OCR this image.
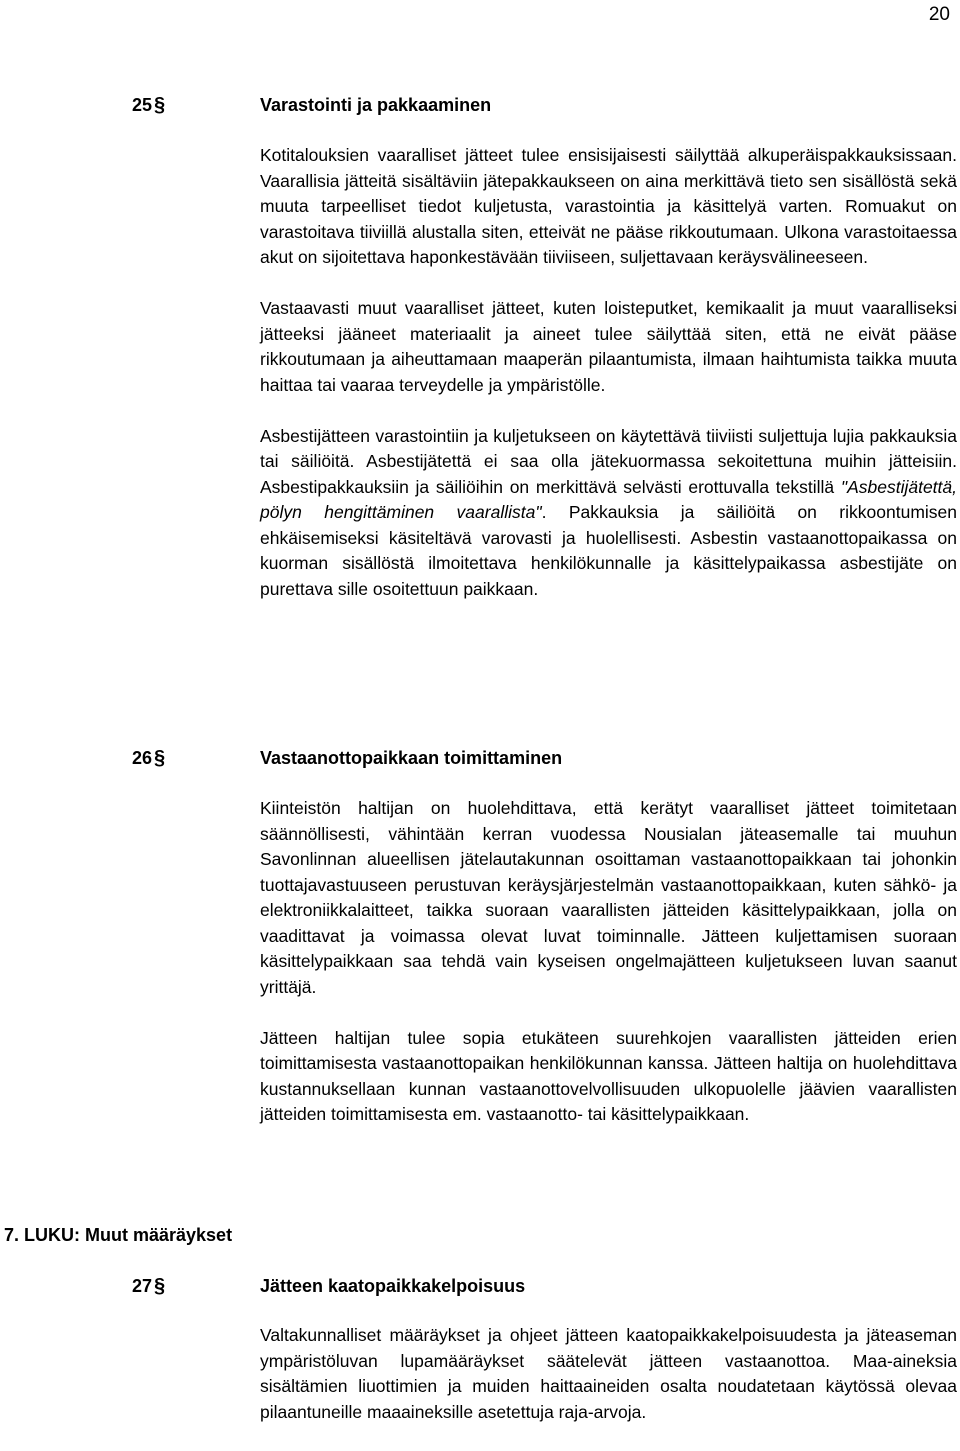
20
25§	Varastointi ja pakkaaminen

Kotitalouksien vaaralliset jätteet tulee ensisijaisesti säilyttää alkuperäispakkauksissaan. Vaarallisia jätteitä sisältäviin jätepakkaukseen on aina merkittävä tieto sen sisällöstä sekä muuta tarpeelliset tiedot kuljetusta, varastointia ja käsittelyä varten. Romuakut on varastoitava tiiviillä alustalla siten, etteivät ne pääse rikkoutumaan. Ulkona varastoitaessa akut on sijoitettava haponkestävään tiiviiseen, suljettavaan keräysvälineeseen.

Vastaavasti muut vaaralliset jätteet, kuten loisteputket, kemikaalit ja muut vaaralliseksi jätteeksi jääneet materiaalit ja aineet tulee säilyttää siten, että ne eivät pääse rikkoutumaan ja aiheuttamaan maaperän pilaantumista, ilmaan haihtumista taikka muuta haittaa tai vaaraa terveydelle ja ympäristölle.

Asbestijätteen varastointiin ja kuljetukseen on käytettävä tiiviisti suljettuja lujia pakkauksia tai säiliöitä. Asbestijätettä ei saa olla jätekuormassa sekoitettuna muihin jätteisiin. Asbestipakkauksiin ja säiliöihin on merkittävä selvästi erottuvalla tekstillä "Asbestijätettä, pölyn hengittäminen vaarallista". Pakkauksia ja säiliöitä on rikkoontumisen ehkäisemiseksi käsiteltävä varovasti ja huolellisesti. Asbestin vastaanottopaikassa on kuorman sisällöstä ilmoitettava henkilökunnalle ja käsittelypaikassa asbestijäte on purettava sille osoitettuun paikkaan.

26§	Vastaanottopaikkaan toimittaminen

Kiinteistön haltijan on huolehdittava, että kerätyt vaaralliset jätteet toimitetaan säännöllisesti, vähintään kerran vuodessa Nousialan jäteasemalle tai muuhun Savonlinnan alueellisen jätelautakunnan osoittaman vastaanottopaikkaan tai johonkin tuottajavastuuseen perustuvan keräysjärjestelmän vastaanottopaikkaan, kuten sähkö- ja elektroniikkalaitteet, taikka suoraan vaarallisten jätteiden käsittelypaikkaan, jolla on vaadittavat ja voimassa olevat luvat toiminnalle. Jätteen kuljettamisen suoraan käsittelypaikkaan saa tehdä vain kyseisen ongelmajätteen kuljetukseen luvan saanut yrittäjä.

Jätteen haltijan tulee sopia etukäteen suurehkojen vaarallisten jätteiden erien toimittamisesta vastaanottopaikan henkilökunnan kanssa. Jätteen haltija on huolehdittava kustannuksellaan kunnan vastaanottovelvollisuuden ulkopuolelle jäävien vaarallisten jätteiden toimittamisesta em. vastaanotto- tai käsittelypaikkaan.

7. LUKU: Muut määräykset
27§	Jätteen kaatopaikkakelpoisuus

Valtakunnalliset määräykset ja ohjeet jätteen kaatopaikkakelpoisuudesta ja jäteaseman ympäristöluvan lupamääräykset säätelevät jätteen vastaanottoa. Maa-aineksia sisältämien liuottimien ja muiden haittaaineiden osalta noudatetaan käytössä olevaa pilaantuneille maaaineksille asetettuja raja-arvoja.
